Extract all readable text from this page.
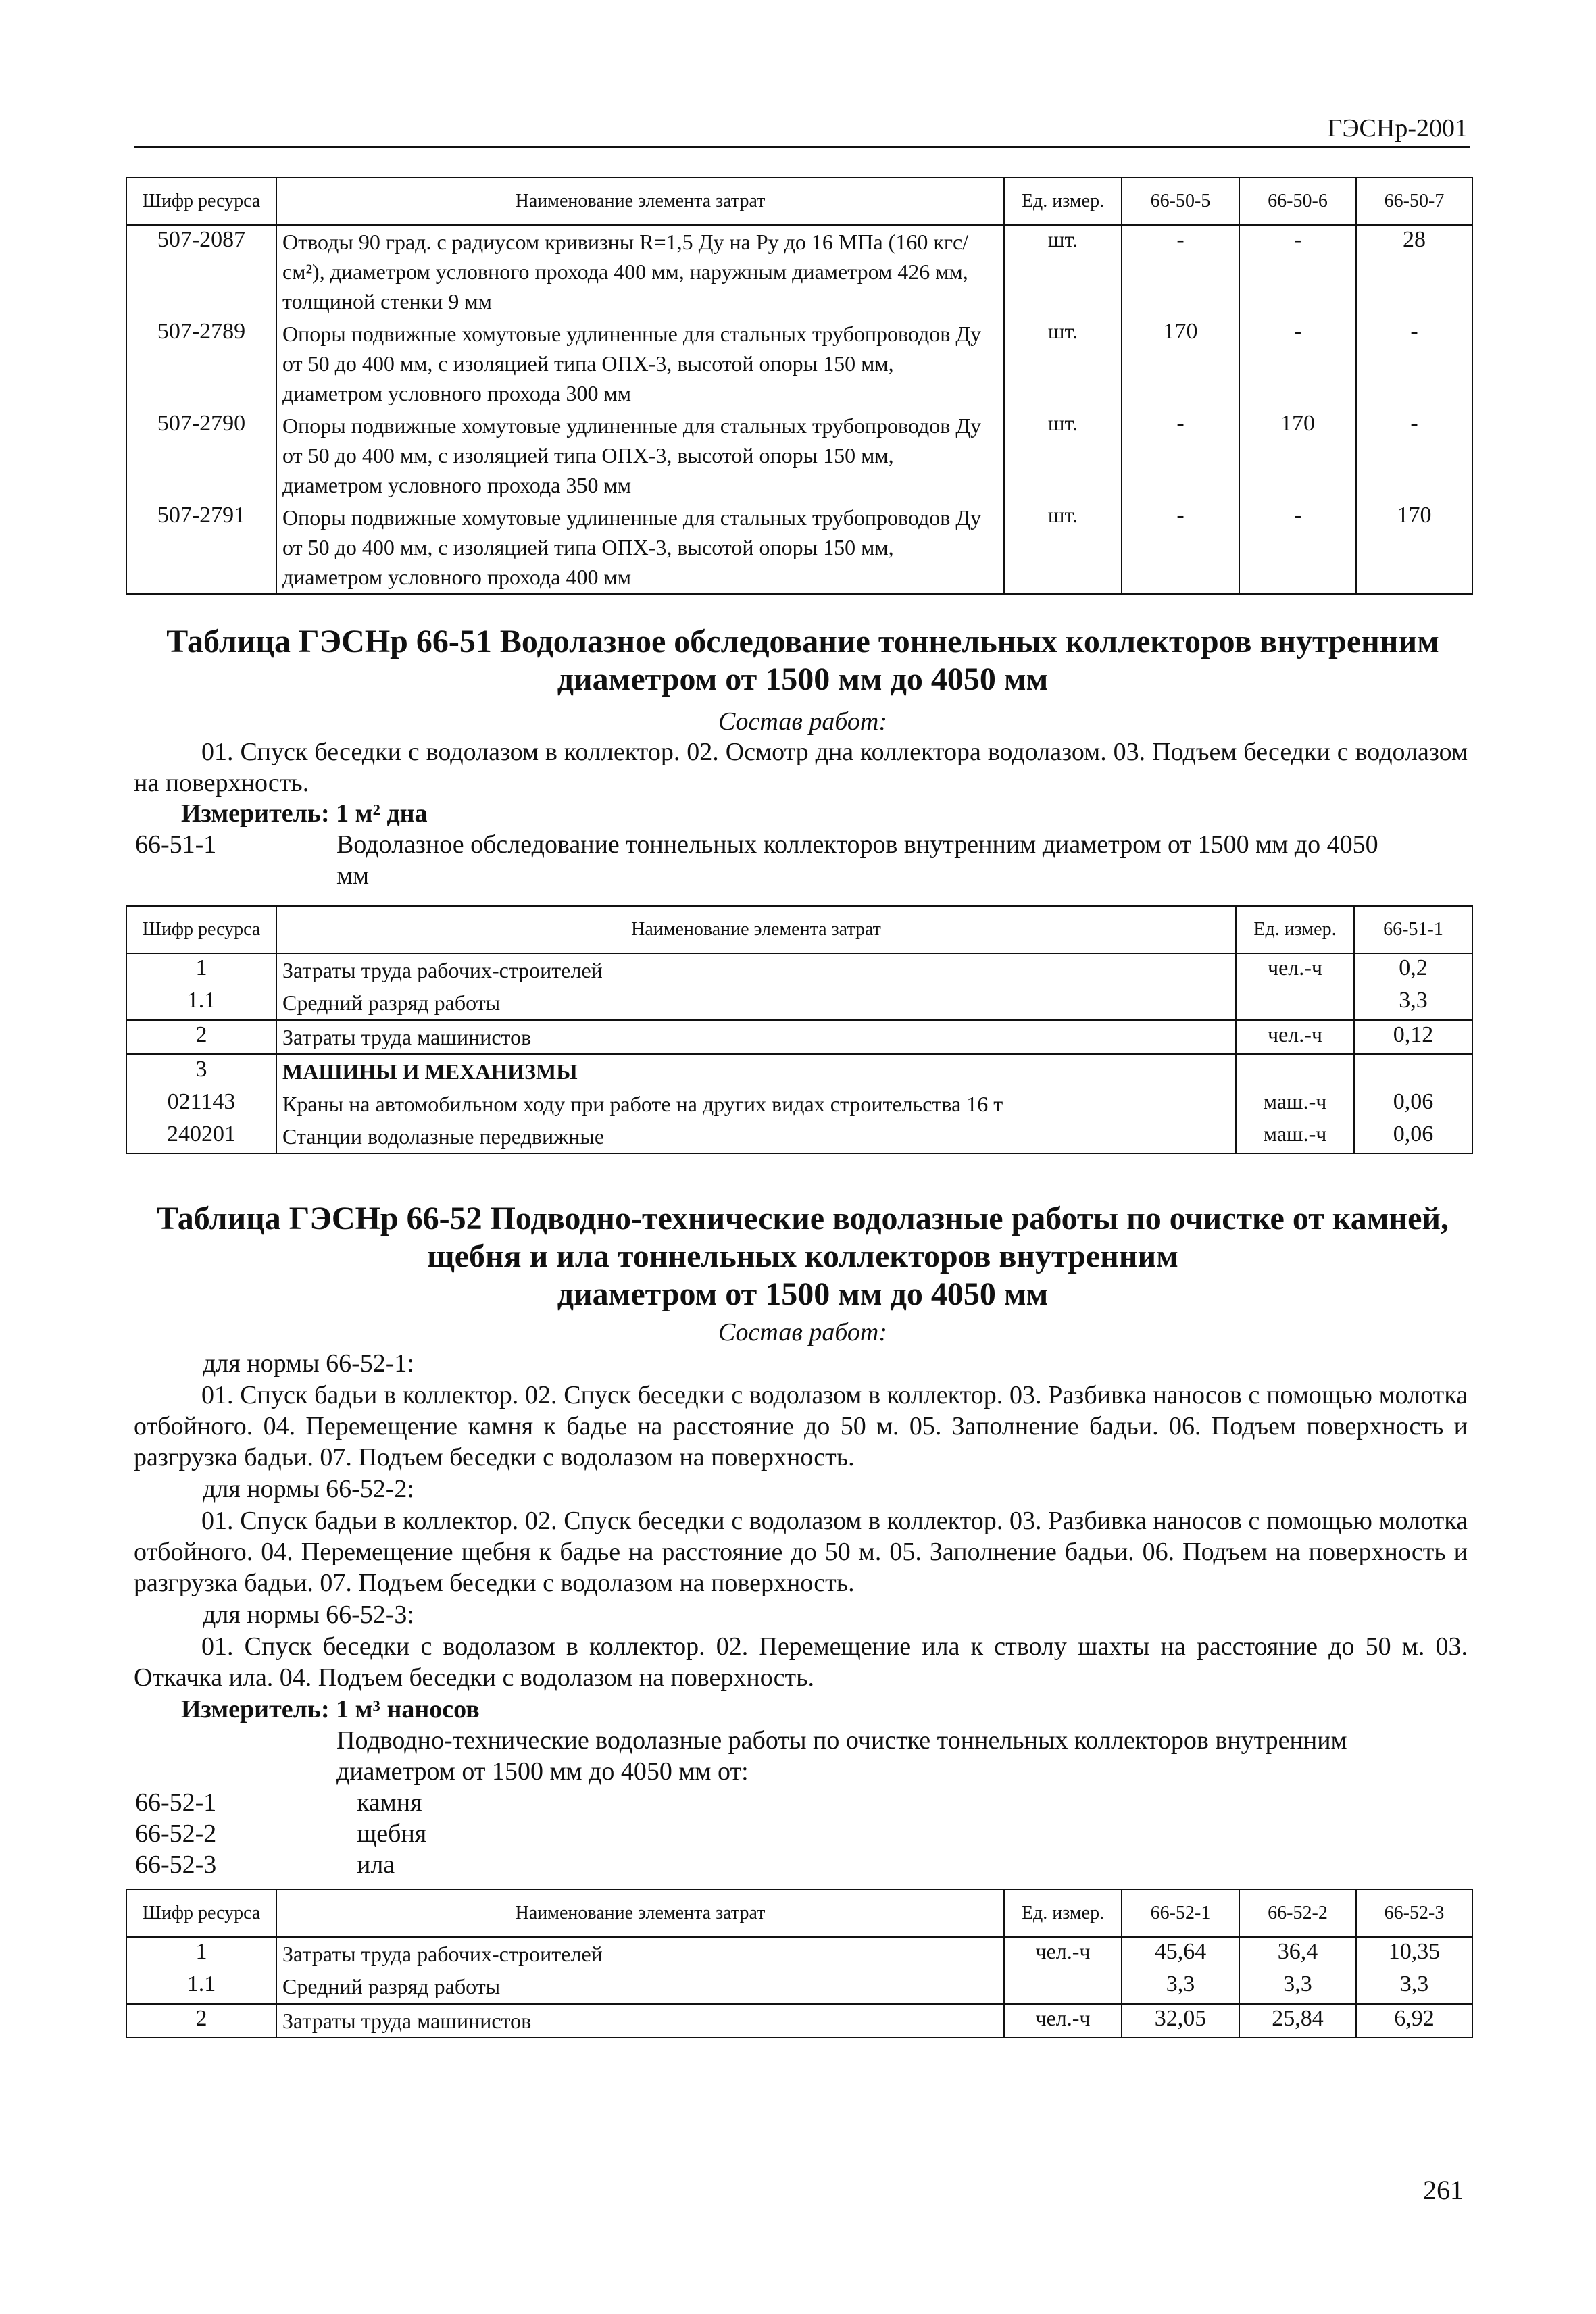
ГЭСНр-2001
Шифр ресурса	Наименование элемента затрат	Ед. измер.	66-50-5	66-50-6	66-50-7
507-2087	Отводы 90 град. с радиусом кривизны R=1,5 Ду на Ру до 16 МПа (160 кгс/см²), диаметром условного прохода 400 мм, наружным диаметром 426 мм, толщиной стенки 9 мм	шт.	-	-	28
507-2789	Опоры подвижные хомутовые удлиненные для стальных трубопроводов Ду от 50 до 400 мм, с изоляцией типа ОПХ-3, высотой опоры 150 мм, диаметром условного прохода 300 мм	шт.	170	-	-
507-2790	Опоры подвижные хомутовые удлиненные для стальных трубопроводов Ду от 50 до 400 мм, с изоляцией типа ОПХ-3, высотой опоры 150 мм, диаметром условного прохода 350 мм	шт.	-	170	-
507-2791	Опоры подвижные хомутовые удлиненные для стальных трубопроводов Ду от 50 до 400 мм, с изоляцией типа ОПХ-3, высотой опоры 150 мм, диаметром условного прохода 400 мм	шт.	-	-	170
Таблица ГЭСНр 66-51 Водолазное обследование тоннельных коллекторов внутренним
диаметром от 1500 мм до 4050 мм
Состав работ:
01. Спуск беседки с водолазом в коллектор. 02. Осмотр дна коллектора водолазом. 03. Подъем беседки с водолазом на поверхность.
Измеритель: 1 м² дна
66-51-1	Водолазное обследование тоннельных коллекторов внутренним диаметром от 1500 мм до 4050
мм
Шифр ресурса	Наименование элемента затрат	Ед. измер.	66-51-1
1	Затраты труда рабочих-строителей	чел.-ч	0,2
1.1	Средний разряд работы		3,3
2	Затраты труда машинистов	чел.-ч	0,12
3	МАШИНЫ И МЕХАНИЗМЫ		
021143	Краны на автомобильном ходу при работе на других видах строительства 16 т	маш.-ч	0,06
240201	Станции водолазные передвижные	маш.-ч	0,06
Таблица ГЭСНр 66-52 Подводно-технические водолазные работы по очистке от камней,
щебня и ила тоннельных коллекторов внутренним
диаметром от 1500 мм до 4050 мм
Состав работ:
для нормы 66-52-1:
01. Спуск бадьи в коллектор. 02. Спуск беседки с водолазом в коллектор. 03. Разбивка наносов с помощью молотка отбойного. 04. Перемещение камня к бадье на расстояние до 50 м. 05. Заполнение бадьи. 06. Подъем поверхность и разгрузка бадьи. 07. Подъем беседки с водолазом на поверхность.
для нормы 66-52-2:
01. Спуск бадьи в коллектор. 02. Спуск беседки с водолазом в коллектор. 03. Разбивка наносов с помощью молотка отбойного. 04. Перемещение щебня к бадье на расстояние до 50 м. 05. Заполнение бадьи. 06. Подъем на поверхность и разгрузка бадьи. 07. Подъем беседки с водолазом на поверхность.
для нормы 66-52-3:
01. Спуск беседки с водолазом в коллектор. 02. Перемещение ила к стволу шахты на расстояние до 50 м. 03. Откачка ила. 04. Подъем беседки с водолазом на поверхность.
Измеритель: 1 м³ наносов
Подводно-технические водолазные работы по очистке тоннельных коллекторов внутренним
диаметром от 1500 мм до 4050 мм от:
66-52-1	камня
66-52-2	щебня
66-52-3	ила
Шифр ресурса	Наименование элемента затрат	Ед. измер.	66-52-1	66-52-2	66-52-3
1	Затраты труда рабочих-строителей	чел.-ч	45,64	36,4	10,35
1.1	Средний разряд работы		3,3	3,3	3,3
2	Затраты труда машинистов	чел.-ч	32,05	25,84	6,92
261
